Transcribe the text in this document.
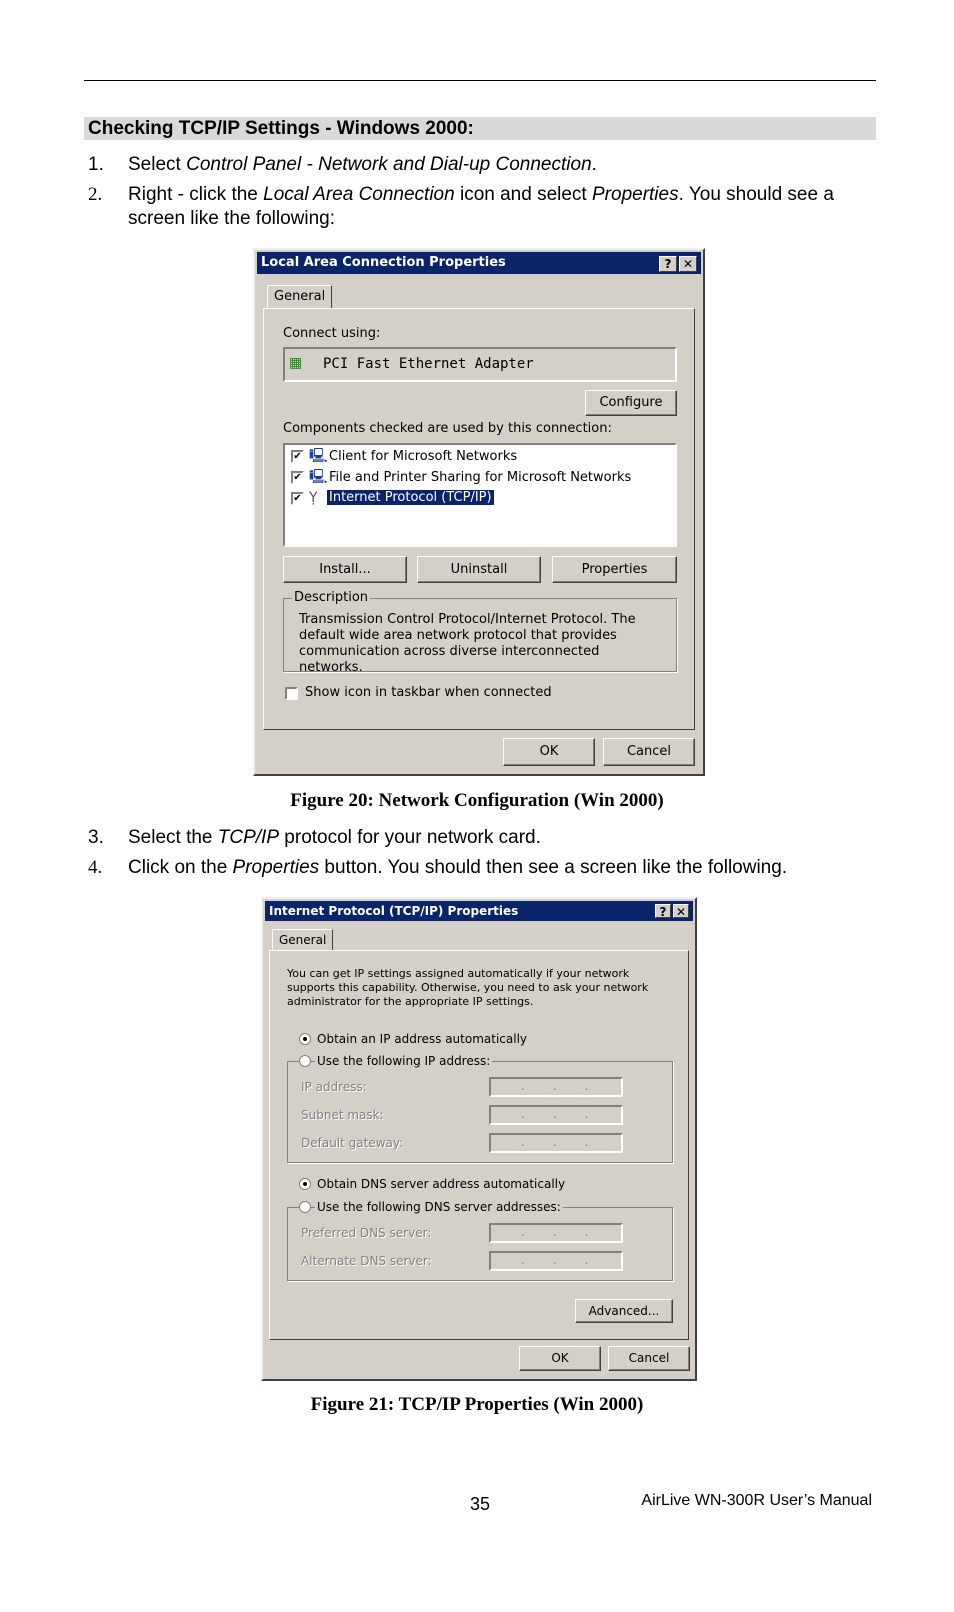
Checking TCP/IP Settings - Windows 2000:
1. Select Control Panel - Network and Dial-up Connection.
2. Right - click the Local Area Connection icon and select Properties. You should see a screen like the following:
Local Area Connection Properties	? ✕
General
Connect using:
▦ PCI Fast Ethernet Adapter
Configure
Components checked are used by this connection:
✔ 🖳 Client for Microsoft Networks
✔ 🖳 File and Printer Sharing for Microsoft Networks
✔ Ỵ Internet Protocol (TCP/IP)
Install...	Uninstall	Properties
Description
Transmission Control Protocol/Internet Protocol. The default wide area network protocol that provides communication across diverse interconnected networks.
Show icon in taskbar when connected
OK	Cancel
Figure 20: Network Configuration (Win 2000)
3. Select the TCP/IP protocol for your network card.
4. Click on the Properties button. You should then see a screen like the following.
Internet Protocol (TCP/IP) Properties	? ✕
General
You can get IP settings assigned automatically if your network supports this capability. Otherwise, you need to ask your network administrator for the appropriate IP settings.
Obtain an IP address automatically
Use the following IP address:
IP address:	...
Subnet mask:	...
Default gateway:	...
Obtain DNS server address automatically
Use the following DNS server addresses:
Preferred DNS server:	...
Alternate DNS server:	...
Advanced...
OK	Cancel
Figure 21: TCP/IP Properties (Win 2000)
35	AirLive WN-300R User’s Manual
